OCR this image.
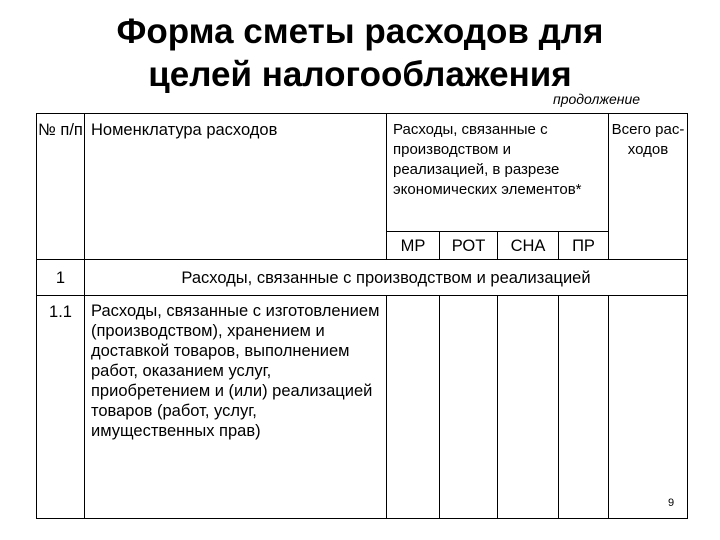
Форма сметы расходов для
целей налогооблажения
продолжение
№ п/п	Номенклатура расходов	Расходы, связанные с производством и реализацией, в разрезе экономических элементов*				Всего рас-ходов
		МР	РОТ	СНА	ПР	
1	Расходы, связанные с производством и реализацией					
1.1	Расходы, связанные с изготовлением (производством), хранением и доставкой товаров, выполнением работ, оказанием услуг, приобретением и (или) реализацией товаров (работ, услуг, имущественных прав)					
9
